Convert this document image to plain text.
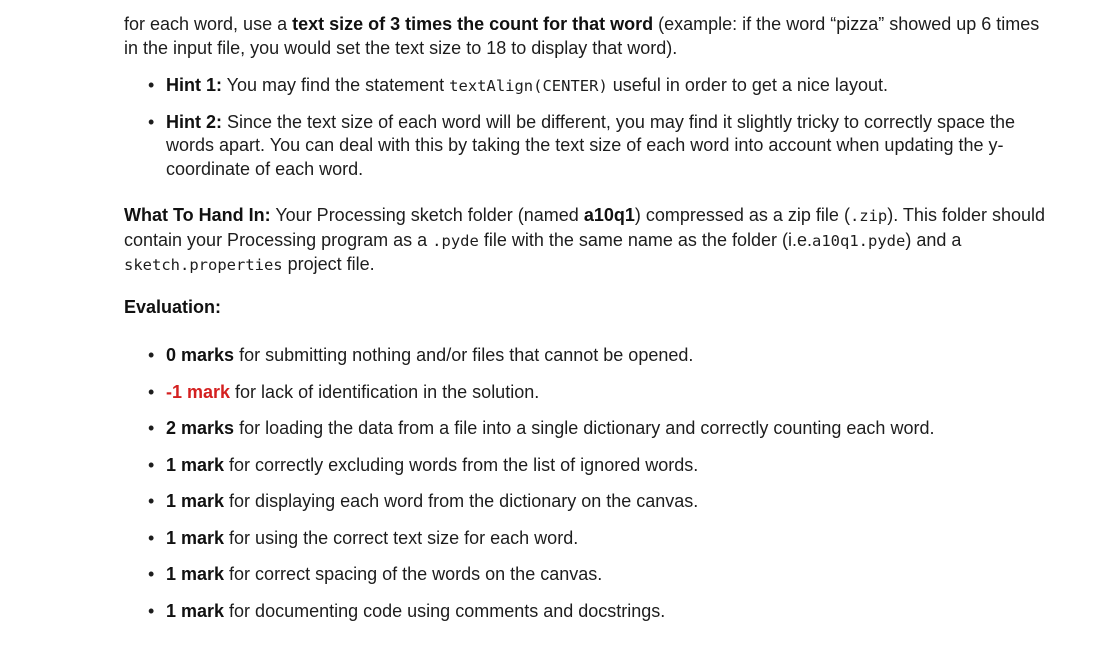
for each word, use a text size of 3 times the count for that word (example: if the word “pizza” showed up 6 times in the input file, you would set the text size to 18 to display that word).

• Hint 1: You may find the statement textAlign(CENTER) useful in order to get a nice layout.
• Hint 2: Since the text size of each word will be different, you may find it slightly tricky to correctly space the words apart. You can deal with this by taking the text size of each word into account when updating the y-coordinate of each word.

What To Hand In: Your Processing sketch folder (named a10q1) compressed as a zip file (.zip). This folder should contain your Processing program as a .pyde file with the same name as the folder (i.e.a10q1.pyde) and a sketch.properties project file.

Evaluation:

• 0 marks for submitting nothing and/or files that cannot be opened.
• -1 mark for lack of identification in the solution.
• 2 marks for loading the data from a file into a single dictionary and correctly counting each word.
• 1 mark for correctly excluding words from the list of ignored words.
• 1 mark for displaying each word from the dictionary on the canvas.
• 1 mark for using the correct text size for each word.
• 1 mark for correct spacing of the words on the canvas.
• 1 mark for documenting code using comments and docstrings.
